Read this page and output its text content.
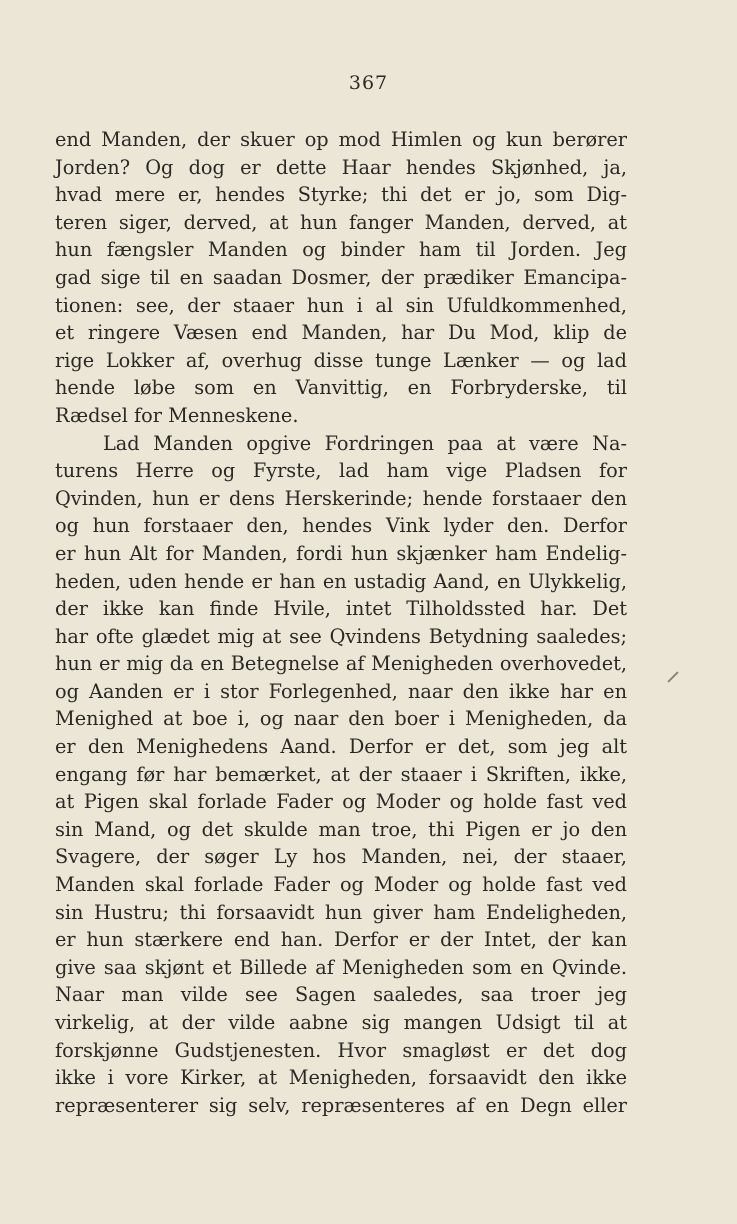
367
end Manden, der skuer op mod Himlen og kun berører
Jorden? Og dog er dette Haar hendes Skjønhed, ja,
hvad mere er, hendes Styrke; thi det er jo, som Dig-
teren siger, derved, at hun fanger Manden, derved, at
hun fængsler Manden og binder ham til Jorden. Jeg
gad sige til en saadan Dosmer, der prædiker Emancipa-
tionen: see, der staaer hun i al sin Ufuldkommenhed,
et ringere Væsen end Manden, har Du Mod, klip de
rige Lokker af, overhug disse tunge Lænker — og lad
hende løbe som en Vanvittig, en Forbryderske, til
Rædsel for Menneskene.
Lad Manden opgive Fordringen paa at være Na-
turens Herre og Fyrste, lad ham vige Pladsen for
Qvinden, hun er dens Herskerinde; hende forstaaer den
og hun forstaaer den, hendes Vink lyder den. Derfor
er hun Alt for Manden, fordi hun skjænker ham Endelig-
heden, uden hende er han en ustadig Aand, en Ulykkelig,
der ikke kan finde Hvile, intet Tilholdssted har. Det
har ofte glædet mig at see Qvindens Betydning saaledes;
hun er mig da en Betegnelse af Menigheden overhovedet,
og Aanden er i stor Forlegenhed, naar den ikke har en
Menighed at boe i, og naar den boer i Menigheden, da
er den Menighedens Aand. Derfor er det, som jeg alt
engang før har bemærket, at der staaer i Skriften, ikke,
at Pigen skal forlade Fader og Moder og holde fast ved
sin Mand, og det skulde man troe, thi Pigen er jo den
Svagere, der søger Ly hos Manden, nei, der staaer,
Manden skal forlade Fader og Moder og holde fast ved
sin Hustru; thi forsaavidt hun giver ham Endeligheden,
er hun stærkere end han. Derfor er der Intet, der kan
give saa skjønt et Billede af Menigheden som en Qvinde.
Naar man vilde see Sagen saaledes, saa troer jeg
virkelig, at der vilde aabne sig mangen Udsigt til at
forskjønne Gudstjenesten. Hvor smagløst er det dog
ikke i vore Kirker, at Menigheden, forsaavidt den ikke
repræsenterer sig selv, repræsenteres af en Degn eller
